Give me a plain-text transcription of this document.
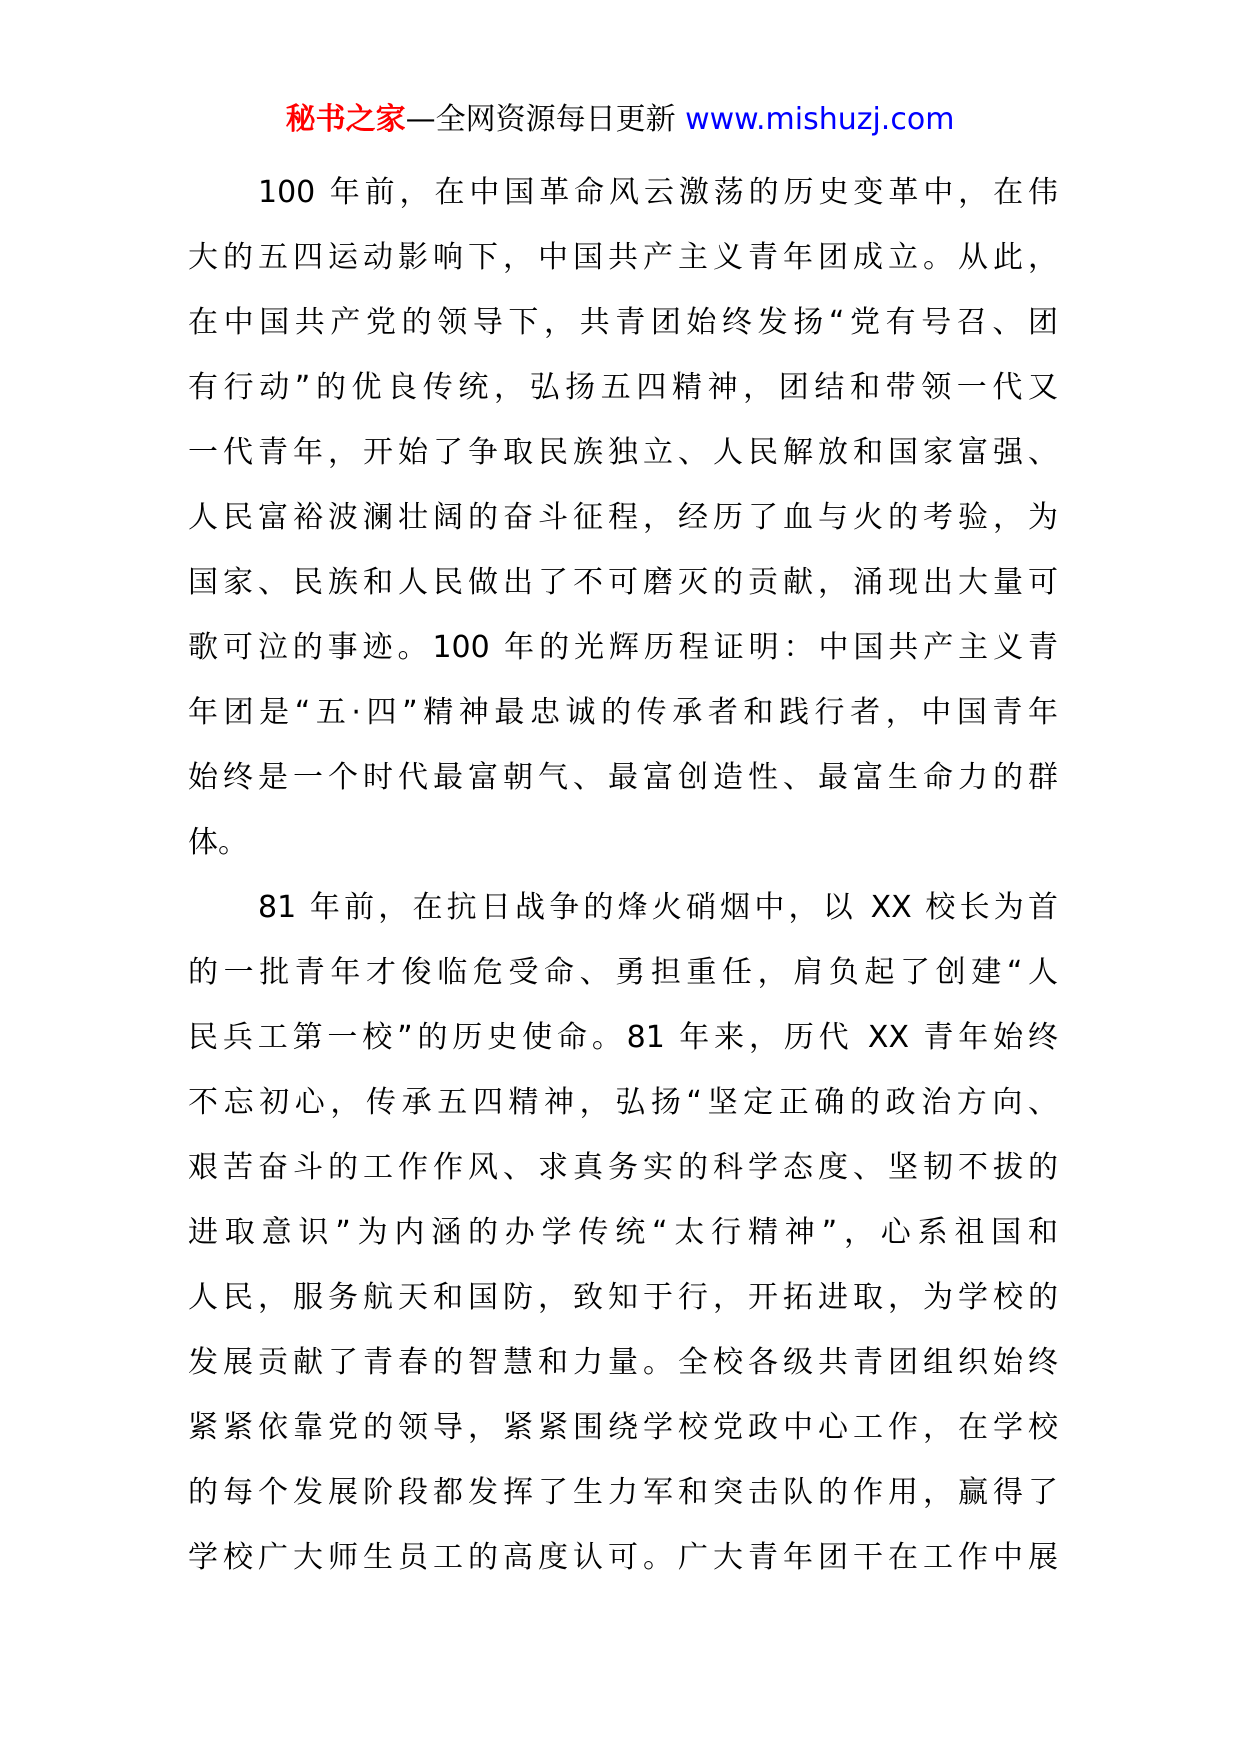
秘书之家—全网资源每日更新 www.mishuzj.com
100 年前，在中国革命风云激荡的历史变革中，在伟
大的五四运动影响下，中国共产主义青年团成立。从此，
在中国共产党的领导下，共青团始终发扬“党有号召、团
有行动”的优良传统，弘扬五四精神，团结和带领一代又
一代青年，开始了争取民族独立、人民解放和国家富强、
人民富裕波澜壮阔的奋斗征程，经历了血与火的考验，为
国家、民族和人民做出了不可磨灭的贡献，涌现出大量可
歌可泣的事迹。100 年的光辉历程证明：中国共产主义青
年团是“五·四”精神最忠诚的传承者和践行者，中国青年
始终是一个时代最富朝气、最富创造性、最富生命力的群
体。
81 年前，在抗日战争的烽火硝烟中，以 XX 校长为首
的一批青年才俊临危受命、勇担重任，肩负起了创建“人
民兵工第一校”的历史使命。81 年来，历代 XX 青年始终
不忘初心，传承五四精神，弘扬“坚定正确的政治方向、
艰苦奋斗的工作作风、求真务实的科学态度、坚韧不拔的
进取意识”为内涵的办学传统“太行精神”，心系祖国和
人民，服务航天和国防，致知于行，开拓进取，为学校的
发展贡献了青春的智慧和力量。全校各级共青团组织始终
紧紧依靠党的领导，紧紧围绕学校党政中心工作，在学校
的每个发展阶段都发挥了生力军和突击队的作用，赢得了
学校广大师生员工的高度认可。广大青年团干在工作中展
